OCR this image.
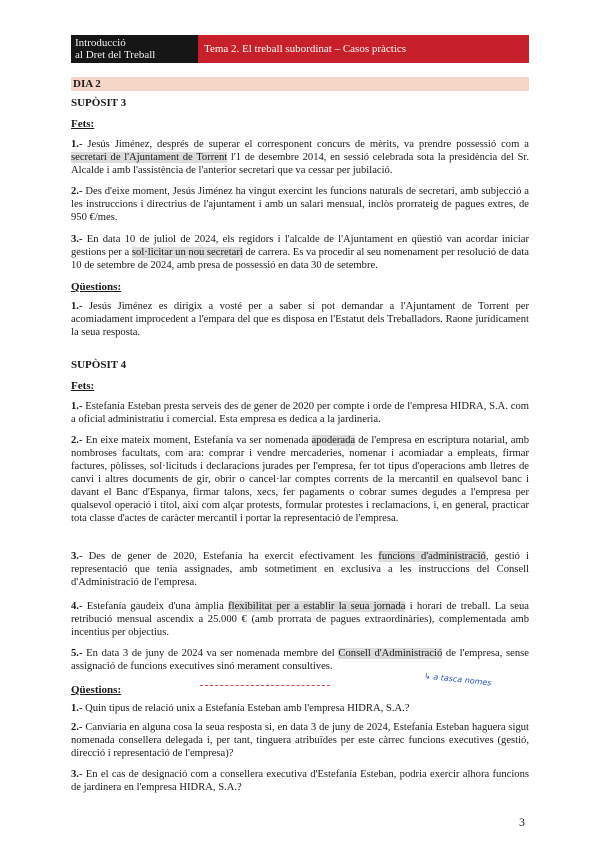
Introducció
al Dret del Treball	Tema 2. El treball subordinat – Casos pràctics
DIA 2
SUPÒSIT 3
Fets:

1.- Jesús Jiménez, després de superar el corresponent concurs de mèrits, va prendre possessió com a secretari de l'Ajuntament de Torrent l'1 de desembre 2014, en sessió celebrada sota la presidència del Sr. Alcalde i amb l'assistència de l'anterior secretari que va cessar per jubilació.

2.- Des d'eixe moment, Jesús Jiménez ha vingut exercint les funcions naturals de secretari, amb subjecció a les instruccions i directrius de l'ajuntament i amb un salari mensual, inclòs prorrateig de pagues extres, de 950 €/mes.

3.- En data 10 de juliol de 2024, els regidors i l'alcalde de l'Ajuntament en qüestió van acordar iniciar gestions per a sol·licitar un nou secretari de carrera. Es va procedir al seu nomenament per resolució de data 10 de setembre de 2024, amb presa de possessió en data 30 de setembre.

Qüestions:

1.- Jesús Jiménez es dirigix a vosté per a saber si pot demandar a l'Ajuntament de Torrent per acomiadament improcedent a l'empara del que es disposa en l'Estatut dels Treballadors. Raone jurídicament la seua resposta.

SUPÒSIT 4
Fets:

1.- Estefanía Esteban presta serveis des de gener de 2020 per compte i orde de l'empresa HIDRA, S.A. com a oficial administratiu i comercial. Esta empresa es dedica a la jardineria.

2.- En eixe mateix moment, Estefanía va ser nomenada apoderada de l'empresa en escriptura notarial, amb nombroses facultats, com ara: comprar i vendre mercaderies, nomenar i acomiadar a empleats, firmar factures, pòlisses, sol·licituds i declaracions jurades per l'empresa, fer tot tipus d'operacions amb lletres de canvi i altres documents de gir, obrir o cancel·lar comptes corrents de la mercantil en qualsevol banc i davant el Banc d'Espanya, firmar talons, xecs, fer pagaments o cobrar sumes degudes a l'empresa per qualsevol operació i títol, així com alçar protests, formular protestes i reclamacions, i, en general, practicar tota classe d'actes de caràcter mercantil i portar la representació de l'empresa.

3.- Des de gener de 2020, Estefanía ha exercit efectivament les funcions d'administració, gestió i representació que tenia assignades, amb sotmetiment en exclusiva a les instruccions del Consell d'Administració de l'empresa.

4.- Estefanía gaudeix d'una àmplia flexibilitat per a establir la seua jornada i horari de treball. La seua retribució mensual ascendix a 25.000 € (amb prorrata de pagues extraordinàries), complementada amb incentius per objectius.

5.- En data 3 de juny de 2024 va ser nomenada membre del Consell d'Administració de l'empresa, sense assignació de funcions executives sinó merament consultives.

↳ a tasca nomes
Qüestions:

1.- Quin tipus de relació unix a Estefanía Esteban amb l'empresa HIDRA, S.A.?

2.- Canviaria en alguna cosa la seua resposta si, en data 3 de juny de 2024, Estefanía Esteban haguera sigut nomenada consellera delegada i, per tant, tinguera atribuïdes per este càrrec funcions executives (gestió, direcció i representació de l'empresa)?

3.- En el cas de designació com a consellera executiva d'Estefanía Esteban, podria exercir alhora funcions de jardinera en l'empresa HIDRA, S.A.?

3
